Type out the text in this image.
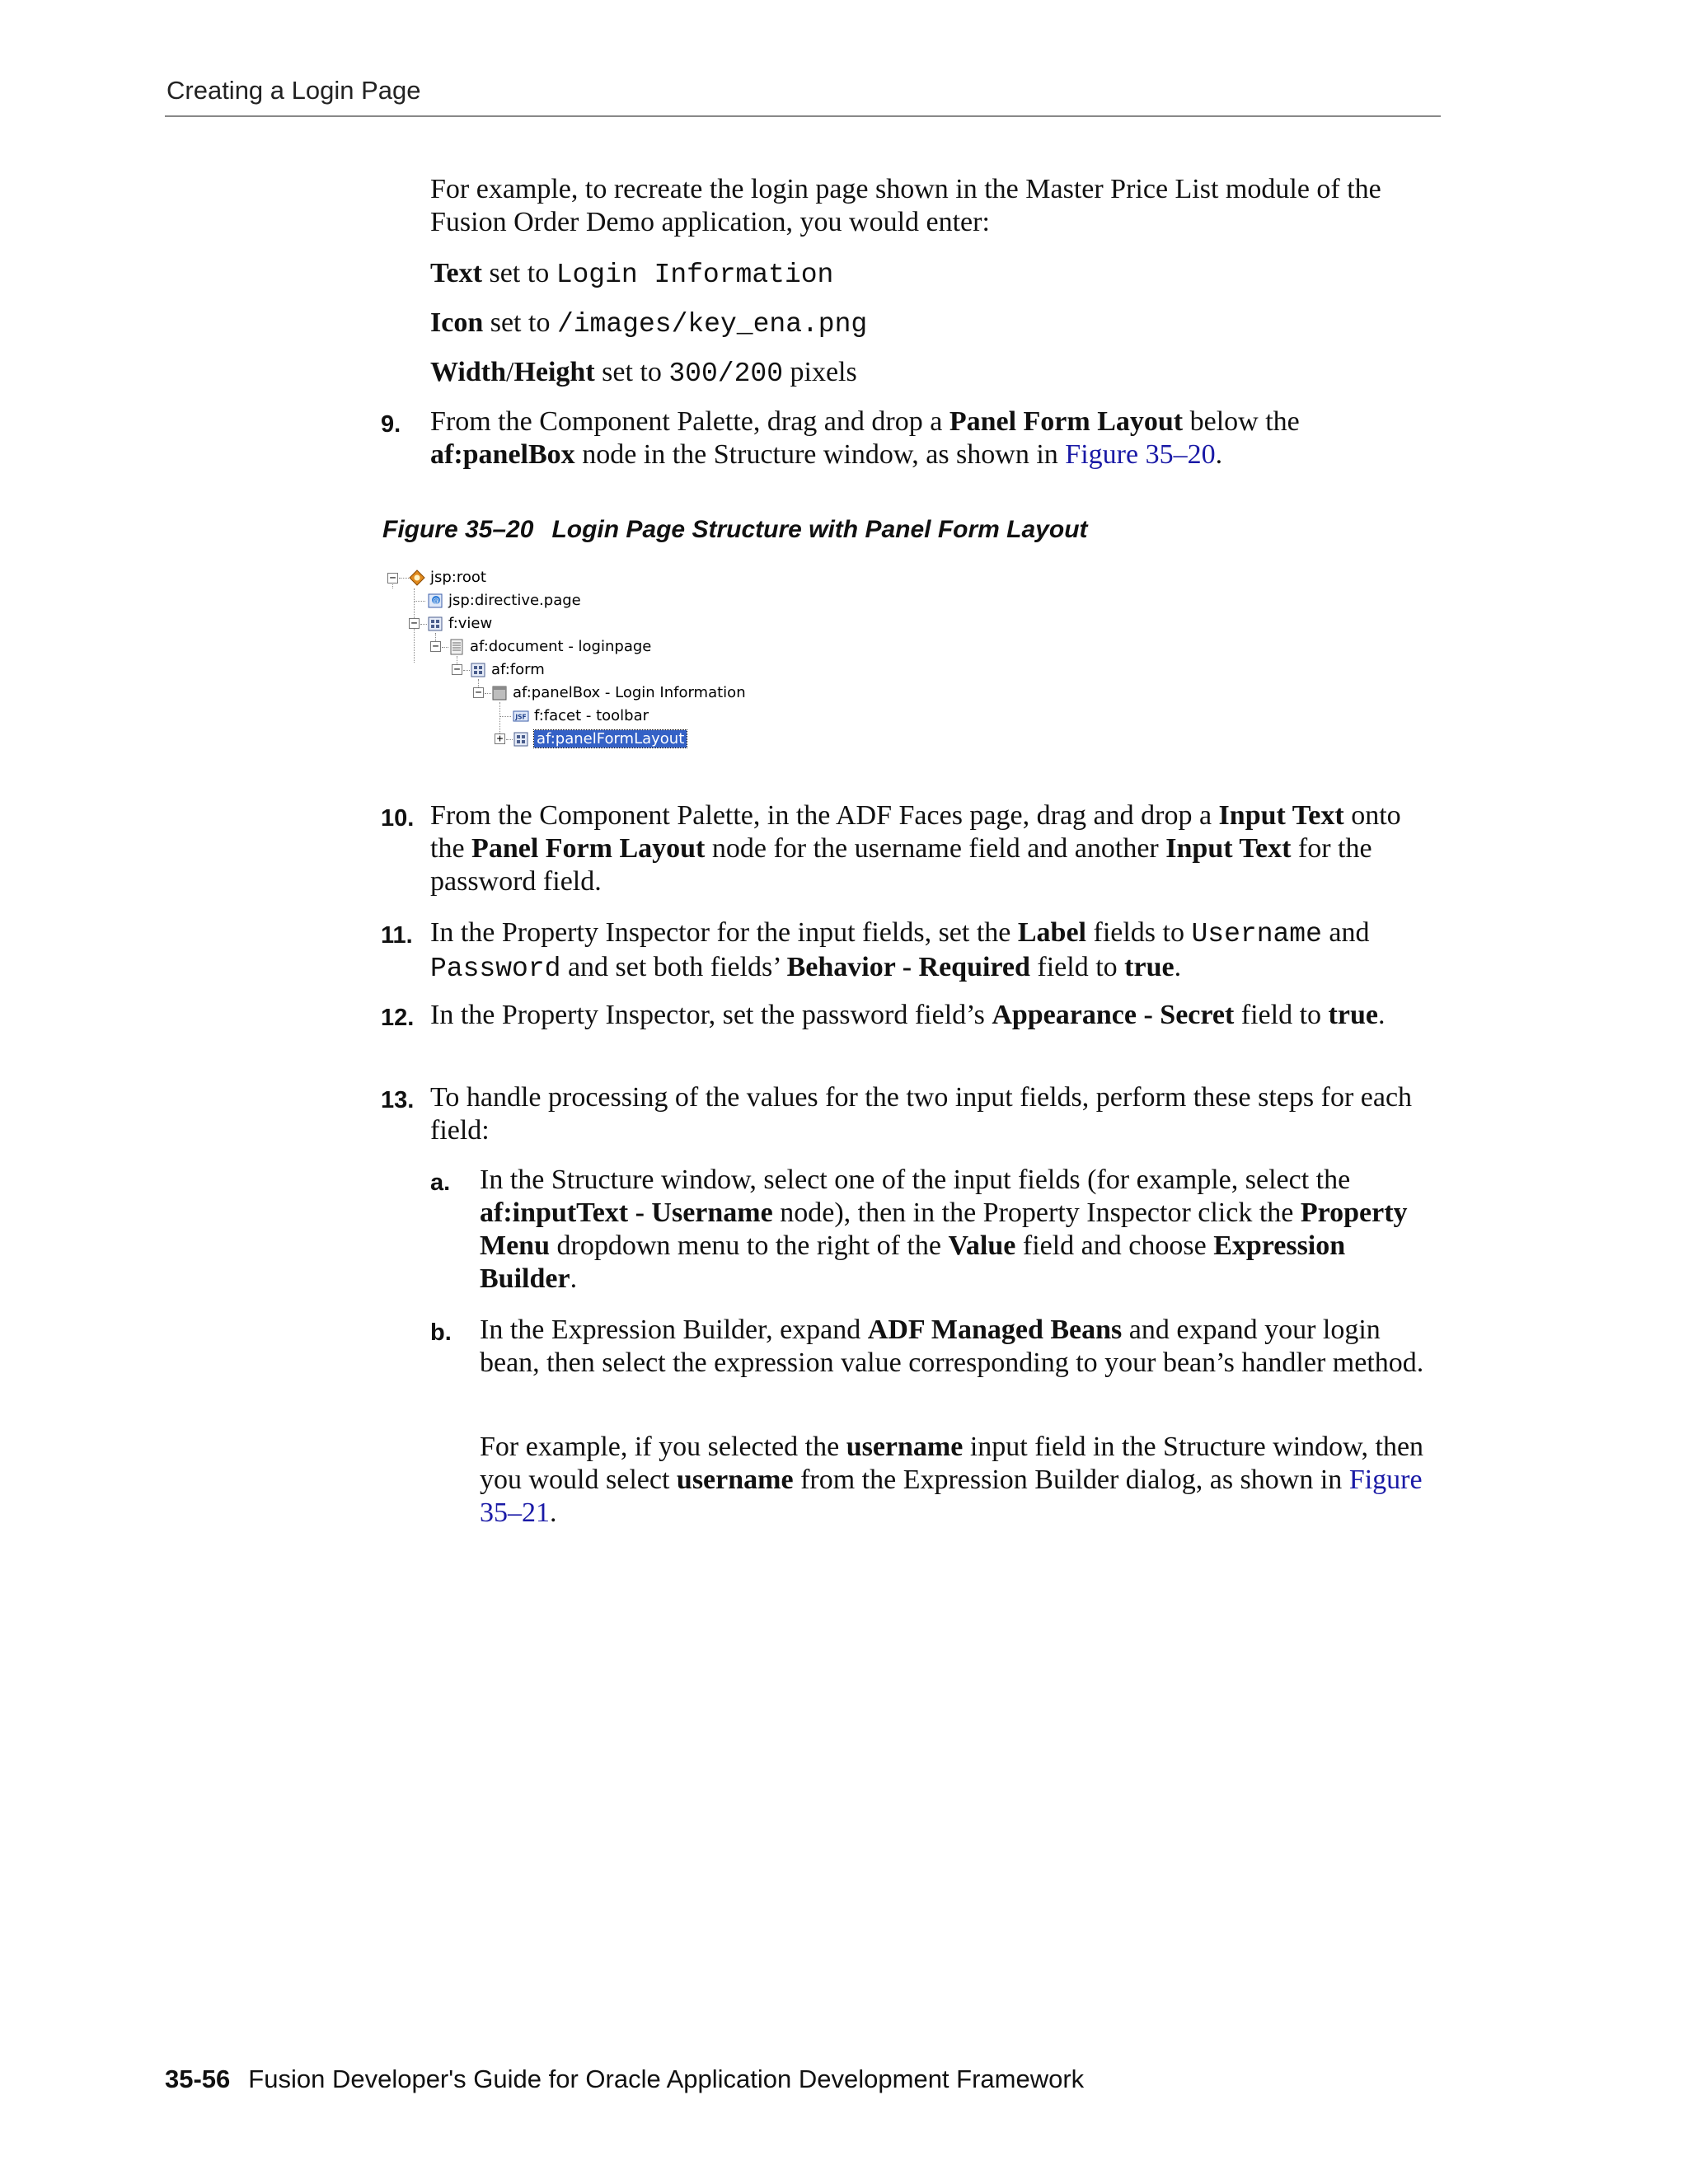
Creating a Login Page
For example, to recreate the login page shown in the Master Price List module of the Fusion Order Demo application, you would enter:
Text set to Login Information
Icon set to /images/key_ena.png
Width/Height set to 300/200 pixels
9.	From the Component Palette, drag and drop a Panel Form Layout below the af:panelBox node in the Structure window, as shown in Figure 35–20.
Figure 35–20 Login Page Structure with Panel Form Layout
−	jsp:root
@ jsp:directive.page
−	f:view
−	af:document - loginpage
−	af:form
−	af:panelBox - Login Information
JSF f:facet - toolbar
+	af:panelFormLayout
10. From the Component Palette, in the ADF Faces page, drag and drop a Input Text onto the Panel Form Layout node for the username field and another Input Text for the password field.
11. In the Property Inspector for the input fields, set the Label fields to Username and Password and set both fields’ Behavior - Required field to true.
12. In the Property Inspector, set the password field’s Appearance - Secret field to true.
13. To handle processing of the values for the two input fields, perform these steps for each field:
a.	In the Structure window, select one of the input fields (for example, select the af:inputText - Username node), then in the Property Inspector click the Property Menu dropdown menu to the right of the Value field and choose Expression Builder.
b.	In the Expression Builder, expand ADF Managed Beans and expand your login bean, then select the expression value corresponding to your bean’s handler method.
For example, if you selected the username input field in the Structure window, then you would select username from the Expression Builder dialog, as shown in Figure 35–21.
35-56 Fusion Developer's Guide for Oracle Application Development Framework
